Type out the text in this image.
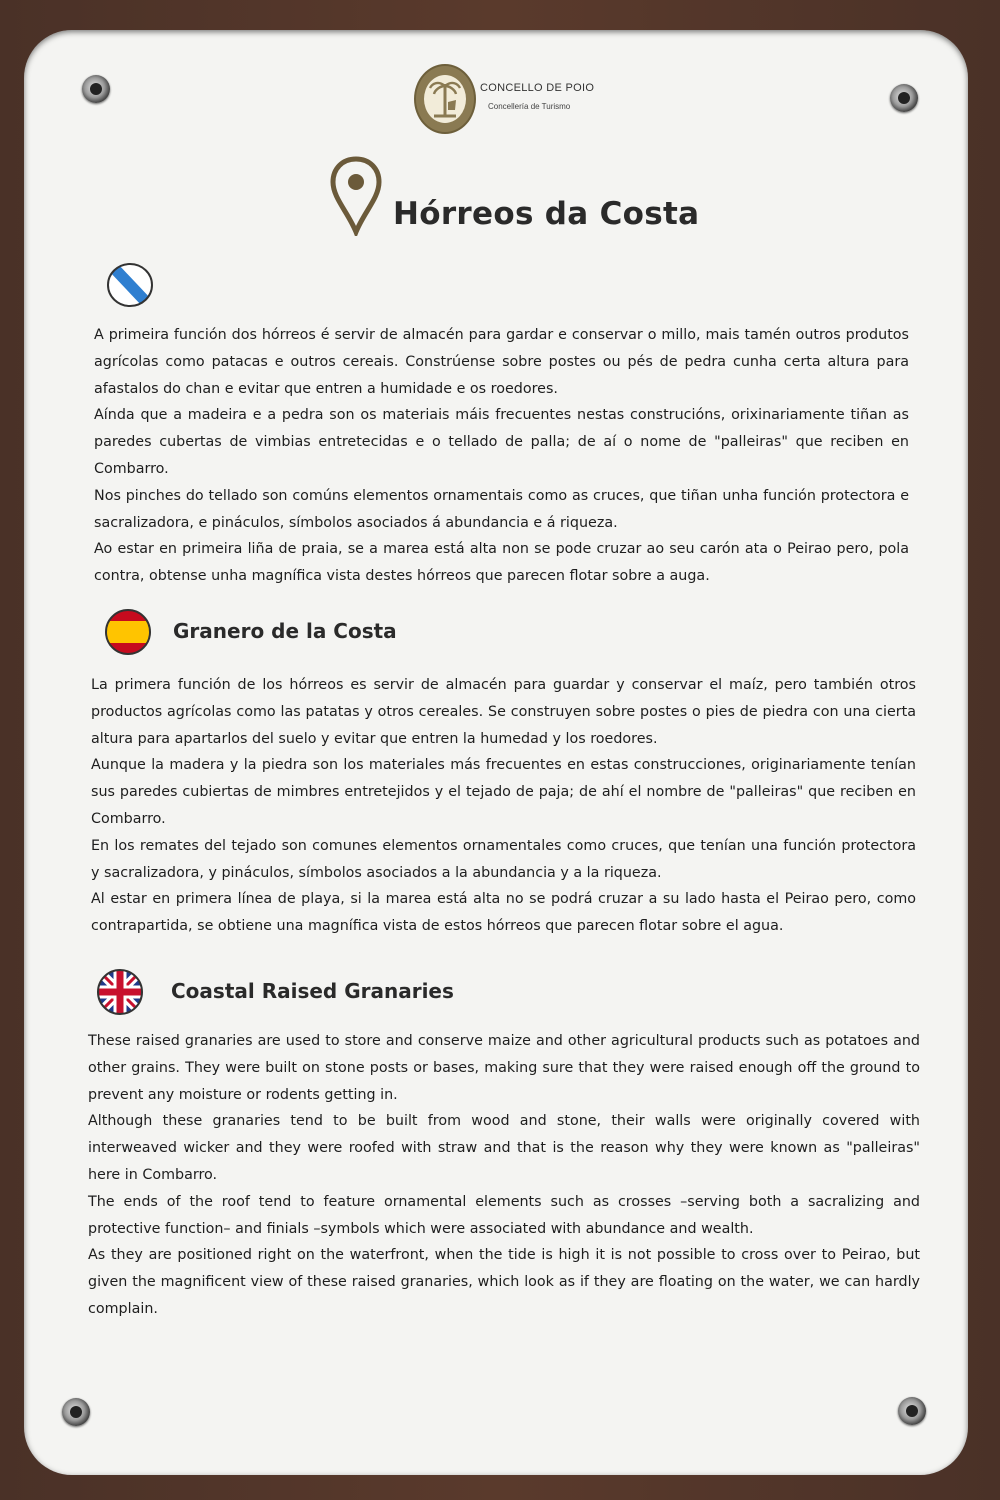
CONCELLO DE POIO
Concellería de Turismo
Hórreos da Costa

A primeira función dos hórreos é servir de almacén para gardar e conservar o millo, mais tamén outros produtos agrícolas como patacas e outros cereais. Constrúense sobre postes ou pés de pedra cunha certa altura para afastalos do chan e evitar que entren a humidade e os roedores.

Aínda que a madeira e a pedra son os materiais máis frecuentes nestas construcións, orixinariamente tiñan as paredes cubertas de vimbias entretecidas e o tellado de palla; de aí o nome de "palleiras" que reciben en Combarro.

Nos pinches do tellado son comúns elementos ornamentais como as cruces, que tiñan unha función protectora e sacralizadora, e pináculos, símbolos asociados á abundancia e á riqueza.

Ao estar en primeira liña de praia, se a marea está alta non se pode cruzar ao seu carón ata o Peirao pero, pola contra, obtense unha magnífica vista destes hórreos que parecen flotar sobre a auga.

Granero de la Costa

La primera función de los hórreos es servir de almacén para guardar y conservar el maíz, pero también otros productos agrícolas como las patatas y otros cereales. Se construyen sobre postes o pies de piedra con una cierta altura para apartarlos del suelo y evitar que entren la humedad y los roedores.

Aunque la madera y la piedra son los materiales más frecuentes en estas construcciones, originariamente tenían sus paredes cubiertas de mimbres entretejidos y el tejado de paja; de ahí el nombre de "palleiras" que reciben en Combarro.

En los remates del tejado son comunes elementos ornamentales como cruces, que tenían una función protectora y sacralizadora, y pináculos, símbolos asociados a la abundancia y a la riqueza.

Al estar en primera línea de playa, si la marea está alta no se podrá cruzar a su lado hasta el Peirao pero, como contrapartida, se obtiene una magnífica vista de estos hórreos que parecen flotar sobre el agua.

Coastal Raised Granaries

These raised granaries are used to store and conserve maize and other agricultural products such as potatoes and other grains. They were built on stone posts or bases, making sure that they were raised enough off the ground to prevent any moisture or rodents getting in.

Although these granaries tend to be built from wood and stone, their walls were originally covered with interweaved wicker and they were roofed with straw and that is the reason why they were known as "palleiras" here in Combarro.

The ends of the roof tend to feature ornamental elements such as crosses –serving both a sacralizing and protective function– and finials –symbols which were associated with abundance and wealth.

As they are positioned right on the waterfront, when the tide is high it is not possible to cross over to Peirao, but given the magnificent view of these raised granaries, which look as if they are floating on the water, we can hardly complain.
